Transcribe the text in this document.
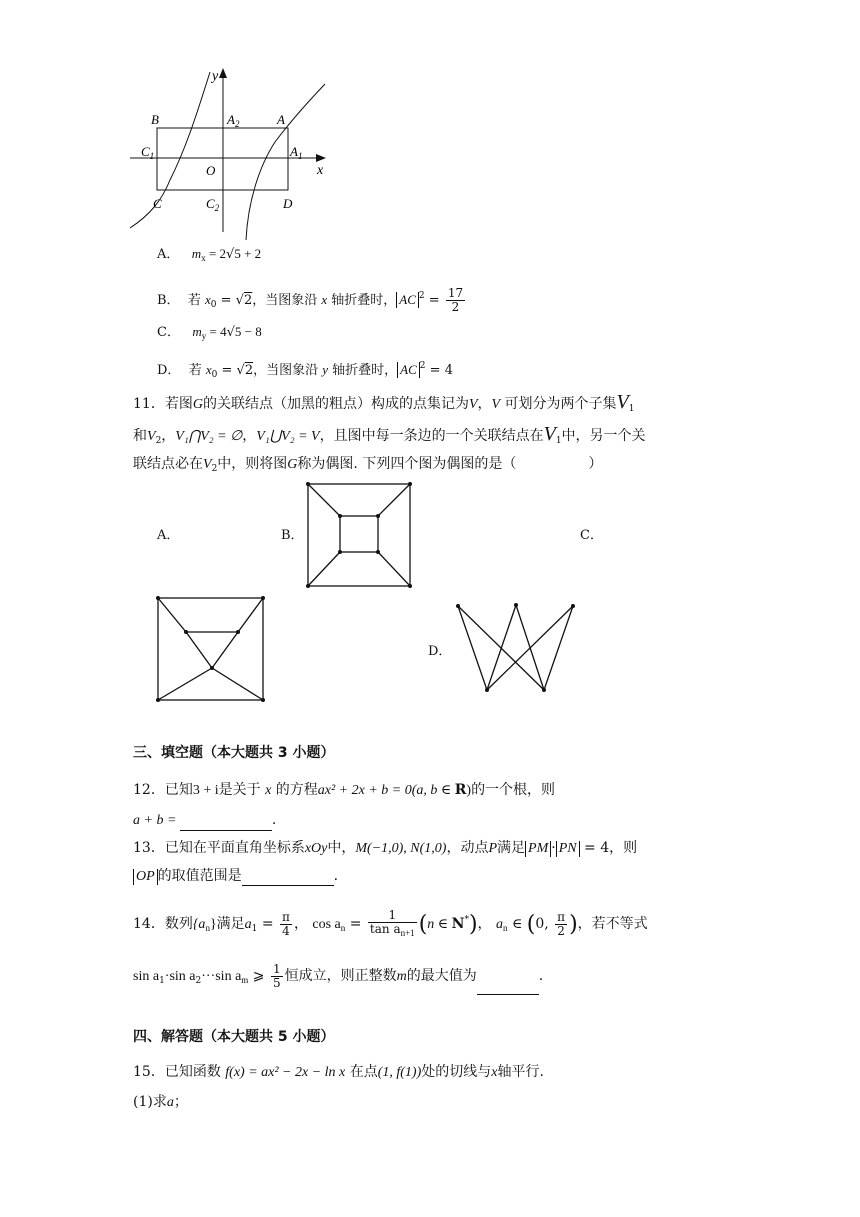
y
x
B	$A_2$	A
$C_1$	$A_1$
O
C	$C_2$	D
A． $m_x = 2√5 + 2$
B． 若 $x_0 = √2$，当图象沿 x 轴折叠时， AC $^2 = \frac{17}{2}$
C． $m_y = 4√5 - 8$
D． 若 $x_0 = √2$，当图象沿 y 轴折叠时， AC $^2$ = 4
11．若图G的关联结点（加黑的粗点）构成的点集记为V，V 可划分为两个子集$V_1$
和$V_2$，V₁⋂V₂ = ∅，V₁⋃V₂ = V，且图中每一条边的一个关联结点在$V_1$中，另一个关
联结点必在$V_2$中，则将图G称为偶图. 下列四个图为偶图的是（	）
A．	B．	C．
D．
三、填空题（本大题共 3 小题）
12．已知3 + i是关于 x 的方程ax² + 2x + b = 0(a, b ∈ R)的一个根，则
a + b =	.
13．已知在平面直角坐标系xOy中，M(−1,0), N(1,0)，动点P满足 PM · PN = 4，则
OP 的取值范围是	.
14．数列$\{a_n\}$满足$a_1 = \frac{\pi}{4}$ ， $\cos a_n = \frac{1}{\tan a_{n+1}} (n$ ∈ N*)， $a_n$ ∈ (0, $\frac{\pi}{2}$ )，若不等式
$\sin a_1\cdot\sin$ $a_2\cdot\cdot\cdot\sin$ $a_m$ ⩾ $\frac{1}{5}$ 恒成立，则正整数m的最大值为	.
四、解答题（本大题共 5 小题）
15．已知函数 f(x) = ax² − 2x − ln x 在点(1, f(1))处的切线与x轴平行.
(1)求a；
